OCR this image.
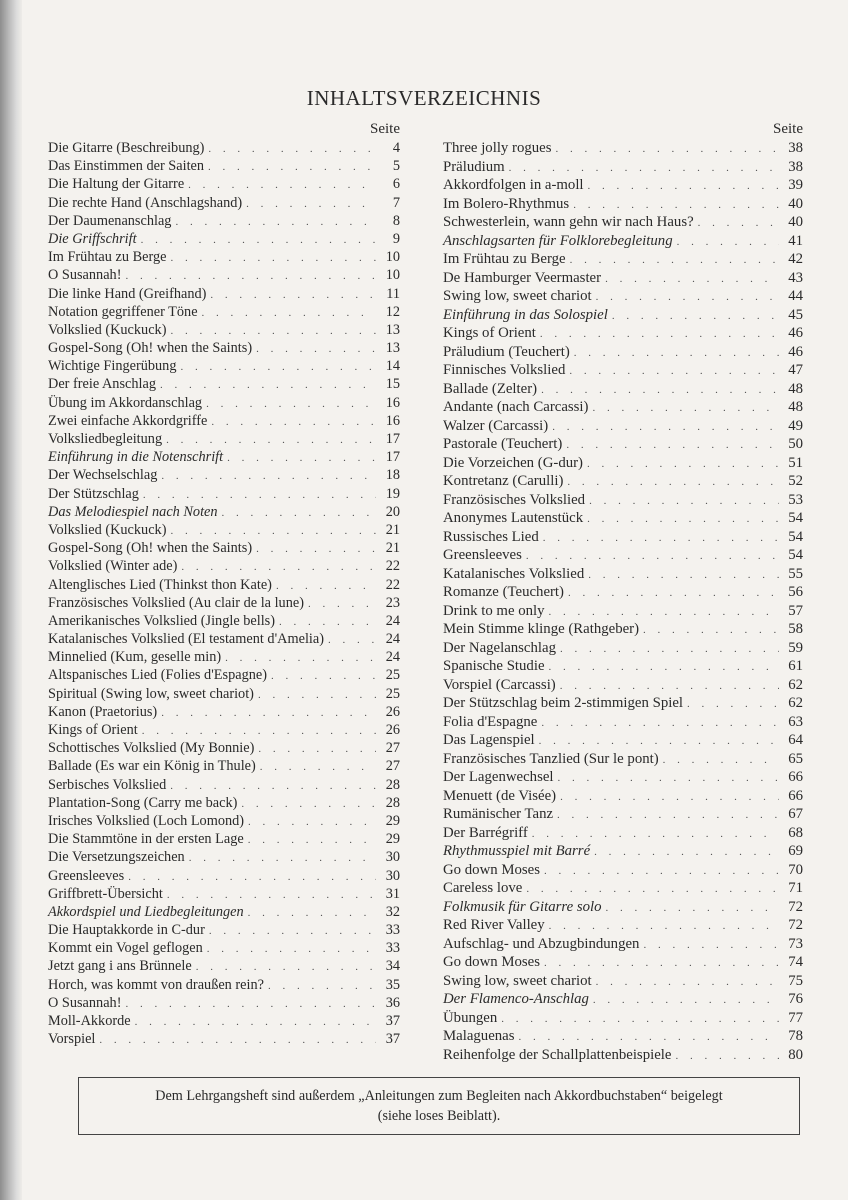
INHALTSVERZEICHNIS
Seite
Die Gitarre (Beschreibung) . . .	4
Das Einstimmen der Saiten . . .	5
Die Haltung der Gitarre . . .	6
Die rechte Hand (Anschlagshand) . . .	7
Der Daumenanschlag . . .	8
Die Griffschrift . . .	9
Im Frühtau zu Berge . . .	10
O Susannah! . . .	10
Die linke Hand (Greifhand) . . .	11
Notation gegriffener Töne . . .	12
Volkslied (Kuckuck) . . .	13
Gospel-Song (Oh! when the Saints) . . .	13
Wichtige Fingerübung . . .	14
Der freie Anschlag . . .	15
Übung im Akkordanschlag . . .	16
Zwei einfache Akkordgriffe . . .	16
Volksliedbegleitung . . .	17
Einführung in die Notenschrift . . .	17
Der Wechselschlag . . .	18
Der Stützschlag . . .	19
Das Melodiespiel nach Noten . . .	20
Volkslied (Kuckuck) . . .	21
Gospel-Song (Oh! when the Saints) . . .	21
Volkslied (Winter ade) . . .	22
Altenglisches Lied (Thinkst thon Kate) . . .	22
Französisches Volkslied (Au clair de la lune) . . .	23
Amerikanisches Volkslied (Jingle bells) . . .	24
Katalanisches Volkslied (El testament d'Amelia) . . .	24
Minnelied (Kum, geselle min) . . .	24
Altspanisches Lied (Folies d'Espagne) . . .	25
Spiritual (Swing low, sweet chariot) . . .	25
Kanon (Praetorius) . . .	26
Kings of Orient . . .	26
Schottisches Volkslied (My Bonnie) . . .	27
Ballade (Es war ein König in Thule) . . .	27
Serbisches Volkslied . . .	28
Plantation-Song (Carry me back) . . .	28
Irisches Volkslied (Loch Lomond) . . .	29
Die Stammtöne in der ersten Lage . . .	29
Die Versetzungszeichen . . .	30
Greensleeves . . .	30
Griffbrett-Übersicht . . .	31
Akkordspiel und Liedbegleitungen . . .	32
Die Hauptakkorde in C-dur . . .	33
Kommt ein Vogel geflogen . . .	33
Jetzt gang i ans Brünnele . . .	34
Horch, was kommt von draußen rein? . . .	35
O Susannah! . . .	36
Moll-Akkorde . . .	37
Vorspiel . . .	37
Seite
Three jolly rogues . . .	38
Präludium . . .	38
Akkordfolgen in a-moll . . .	39
Im Bolero-Rhythmus . . .	40
Schwesterlein, wann gehn wir nach Haus? . . .	40
Anschlagsarten für Folklorebegleitung . . .	41
Im Frühtau zu Berge . . .	42
De Hamburger Veermaster . . .	43
Swing low, sweet chariot . . .	44
Einführung in das Solospiel . . .	45
Kings of Orient . . .	46
Präludium (Teuchert) . . .	46
Finnisches Volkslied . . .	47
Ballade (Zelter) . . .	48
Andante (nach Carcassi) . . .	48
Walzer (Carcassi) . . .	49
Pastorale (Teuchert) . . .	50
Die Vorzeichen (G-dur) . . .	51
Kontretanz (Carulli) . . .	52
Französisches Volkslied . . .	53
Anonymes Lautenstück . . .	54
Russisches Lied . . .	54
Greensleeves . . .	54
Katalanisches Volkslied . . .	55
Romanze (Teuchert) . . .	56
Drink to me only . . .	57
Mein Stimme klinge (Rathgeber) . . .	58
Der Nagelanschlag . . .	59
Spanische Studie . . .	61
Vorspiel (Carcassi) . . .	62
Der Stützschlag beim 2-stimmigen Spiel . . .	62
Folia d'Espagne . . .	63
Das Lagenspiel . . .	64
Französisches Tanzlied (Sur le pont) . . .	65
Der Lagenwechsel . . .	66
Menuett (de Visée) . . .	66
Rumänischer Tanz . . .	67
Der Barrégriff . . .	68
Rhythmusspiel mit Barré . . .	69
Go down Moses . . .	70
Careless love . . .	71
Folkmusik für Gitarre solo . . .	72
Red River Valley . . .	72
Aufschlag- und Abzugbindungen . . .	73
Go down Moses . . .	74
Swing low, sweet chariot . . .	75
Der Flamenco-Anschlag . . .	76
Übungen . . .	77
Malaguenas . . .	78
Reihenfolge der Schallplattenbeispiele . . .	80
Dem Lehrgangsheft sind außerdem „Anleitungen zum Begleiten nach Akkordbuchstaben“ beigelegt
(siehe loses Beiblatt).
